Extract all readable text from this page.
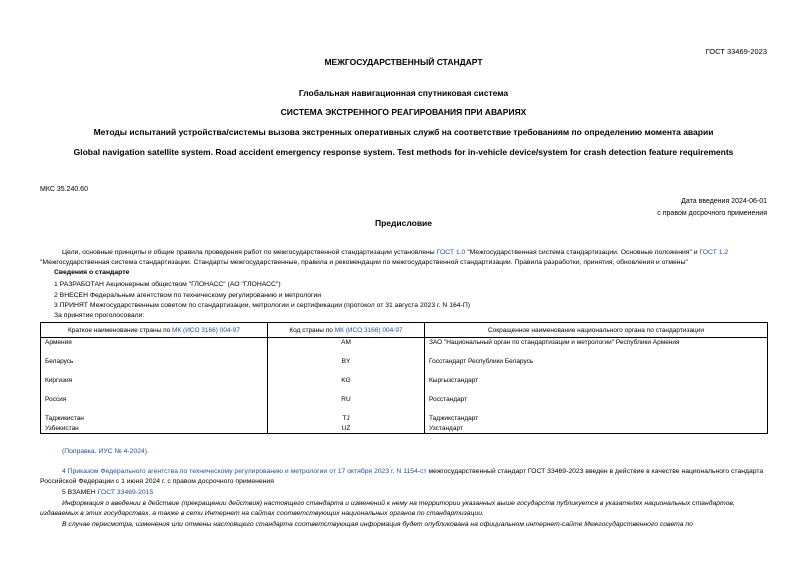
ГОСТ 33469-2023
МЕЖГОСУДАРСТВЕННЫЙ СТАНДАРТ
Глобальная навигационная спутниковая система
СИСТЕМА ЭКСТРЕННОГО РЕАГИРОВАНИЯ ПРИ АВАРИЯХ
Методы испытаний устройства/системы вызова экстренных оперативных служб на соответствие требованиям по определению момента аварии
Global navigation satellite system. Road accident emergency response system. Test methods for in-vehicle device/system for crash detection feature requirements
МКС 35.240.60
Дата введения 2024-06-01
с правом досрочного применения
Предисловие
Цели, основные принципы и общие правила проведения работ по межгосударственной стандартизации установлены ГОСТ 1.0 "Межгосударственная система стандартизации. Основные положения" и ГОСТ 1.2 "Межгосударственная система стандартизации. Стандарты межгосударственные, правила и рекомендации по межгосударственной стандартизации. Правила разработки, принятия, обновления и отмены"
Сведения о стандарте
1 РАЗРАБОТАН Акционерным обществом "ГЛОНАСС" (АО "ГЛОНАСС")
2 ВНЕСЕН Федеральным агентством по техническому регулированию и метрологии
3 ПРИНЯТ Межгосударственным советом по стандартизации, метрологии и сертификации (протокол от 31 августа 2023 г. N 164-П)
За принятие проголосовали:
Краткое наименование страны по МК (ИСО 3166) 004-97	Код страны по МК (ИСО 3166) 004-97	Сокращенное наименование национального органа по стандартизации
Армения	AM	ЗАО "Национальный орган по стандартизации и метрологии" Республики Армения
Беларусь	BY	Госстандарт Республики Беларусь
Киргизия	KG	Кыргызстандарт
Россия	RU	Росстандарт
Таджикистан	TJ	Таджикстандарт
Узбекистан	UZ	Узстандарт
(Поправка. ИУС № 4-2024).
4 Приказом Федерального агентства по техническому регулированию и метрологии от 17 октября 2023 г. N 1154-ст межгосударственный стандарт ГОСТ 33469-2023 введен в действие в качестве национального стандарта Российской Федерации с 1 июня 2024 г. с правом досрочного применения
5 ВЗАМЕН ГОСТ 33469-2015
Информация о введении в действие (прекращении действия) настоящего стандарта и изменений к нему на территории указанных выше государств публикуется в указателях национальных стандартов, издаваемых в этих государствах, а также в сети Интернет на сайтах соответствующих национальных органов по стандартизации.
В случае пересмотра, изменения или отмены настоящего стандарта соответствующая информация будет опубликована на официальном интернет-сайте Межгосударственного совета по
